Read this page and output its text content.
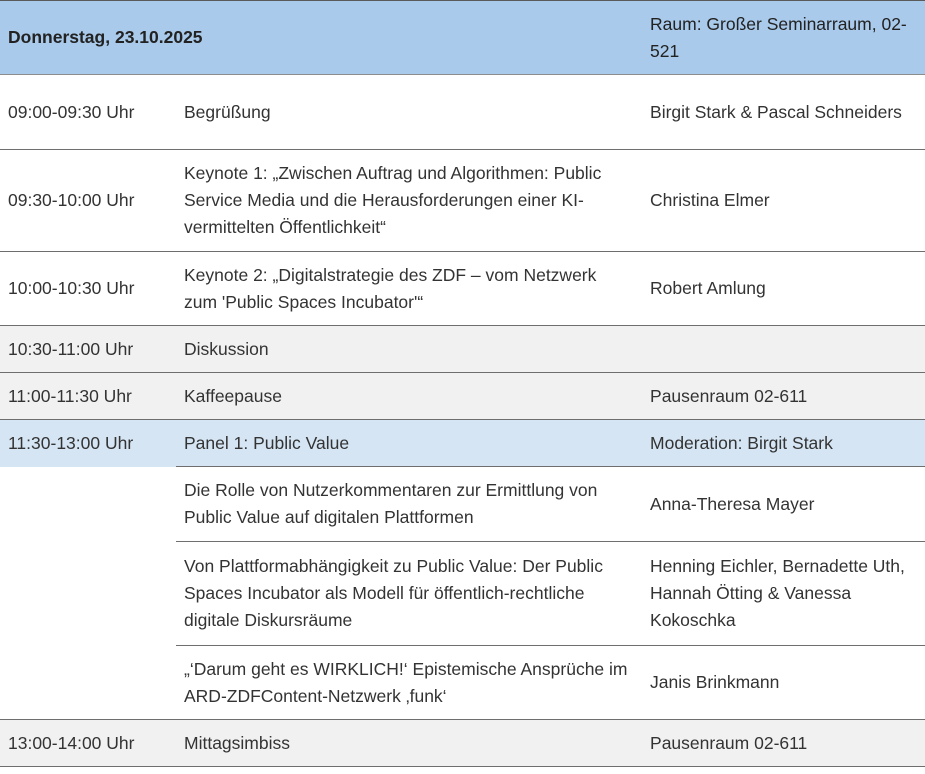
Donnerstag, 23.10.2025		Raum: Großer Seminarraum, 02-521
09:00-09:30 Uhr	Begrüßung	Birgit Stark & Pascal Schneiders
09:30-10:00 Uhr	Keynote 1: „Zwischen Auftrag und Algorithmen: Public Service Media und die Herausforderungen einer KI-vermittelten Öffentlichkeit“	Christina Elmer
10:00-10:30 Uhr	Keynote 2: „Digitalstrategie des ZDF – vom Netzwerk zum 'Public Spaces Incubator'“	Robert Amlung
10:30-11:00 Uhr	Diskussion	
11:00-11:30 Uhr	Kaffeepause	Pausenraum 02-611
11:30-13:00 Uhr	Panel 1: Public Value	Moderation: Birgit Stark
	Die Rolle von Nutzerkommentaren zur Ermittlung von Public Value auf digitalen Plattformen	Anna-Theresa Mayer
	Von Plattformabhängigkeit zu Public Value: Der Public Spaces Incubator als Modell für öffentlich-rechtliche digitale Diskursräume	Henning Eichler, Bernadette Uth, Hannah Ötting & Vanessa Kokoschka
	„‘Darum geht es WIRKLICH!‘ Epistemische Ansprüche im ARD-ZDFContent-Netzwerk ‚funk‘	Janis Brinkmann
13:00-14:00 Uhr	Mittagsimbiss	Pausenraum 02-611
